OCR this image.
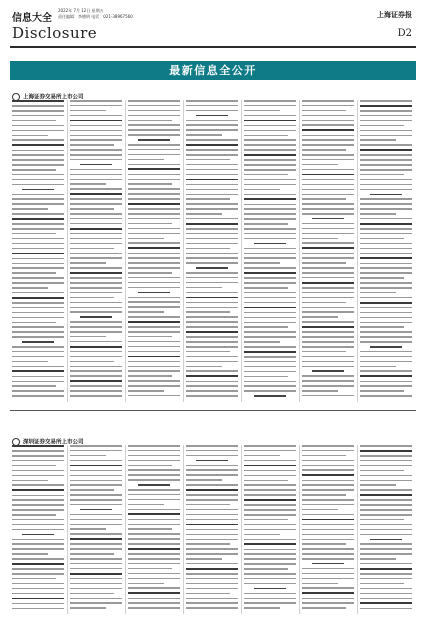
信息大全
2022年 7月 12日 星期五
责任编辑：李德明 电话：021-38967560
Disclosure
上海证券报
D2
最新信息全公开
上海证券交易所上市公司
深圳证券交易所上市公司
